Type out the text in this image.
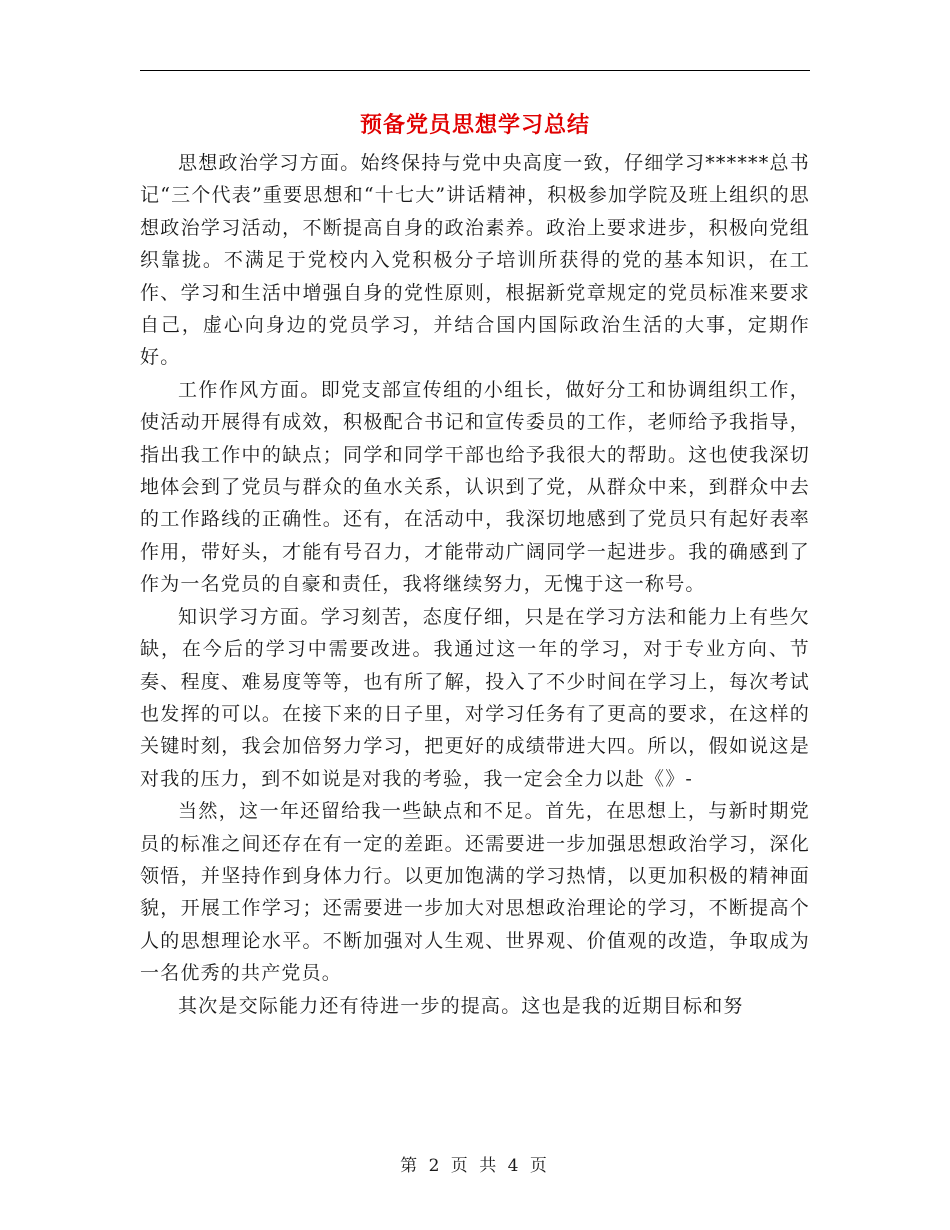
预备党员思想学习总结

思想政治学习方面。始终保持与党中央高度一致，仔细学习******总书记“三个代表”重要思想和“十七大”讲话精神，积极参加学院及班上组织的思想政治学习活动，不断提高自身的政治素养。政治上要求进步，积极向党组织靠拢。不满足于党校内入党积极分子培训所获得的党的基本知识，在工作、学习和生活中增强自身的党性原则，根据新党章规定的党员标准来要求自己，虚心向身边的党员学习，并结合国内国际政治生活的大事，定期作好。

工作作风方面。即党支部宣传组的小组长，做好分工和协调组织工作，使活动开展得有成效，积极配合书记和宣传委员的工作，老师给予我指导，指出我工作中的缺点；同学和同学干部也给予我很大的帮助。这也使我深切地体会到了党员与群众的鱼水关系，认识到了党，从群众中来，到群众中去的工作路线的正确性。还有，在活动中，我深切地感到了党员只有起好表率作用，带好头，才能有号召力，才能带动广阔同学一起进步。我的确感到了作为一名党员的自豪和责任，我将继续努力，无愧于这一称号。

知识学习方面。学习刻苦，态度仔细，只是在学习方法和能力上有些欠缺，在今后的学习中需要改进。我通过这一年的学习，对于专业方向、节奏、程度、难易度等等，也有所了解，投入了不少时间在学习上，每次考试也发挥的可以。在接下来的日子里，对学习任务有了更高的要求，在这样的关键时刻，我会加倍努力学习，把更好的成绩带进大四。所以，假如说这是对我的压力，到不如说是对我的考验，我一定会全力以赴《》-

当然，这一年还留给我一些缺点和不足。首先，在思想上，与新时期党员的标准之间还存在有一定的差距。还需要进一步加强思想政治学习，深化领悟，并坚持作到身体力行。以更加饱满的学习热情，以更加积极的精神面貌，开展工作学习；还需要进一步加大对思想政治理论的学习，不断提高个人的思想理论水平。不断加强对人生观、世界观、价值观的改造，争取成为一名优秀的共产党员。

其次是交际能力还有待进一步的提高。这也是我的近期目标和努

第 2 页 共 4 页
